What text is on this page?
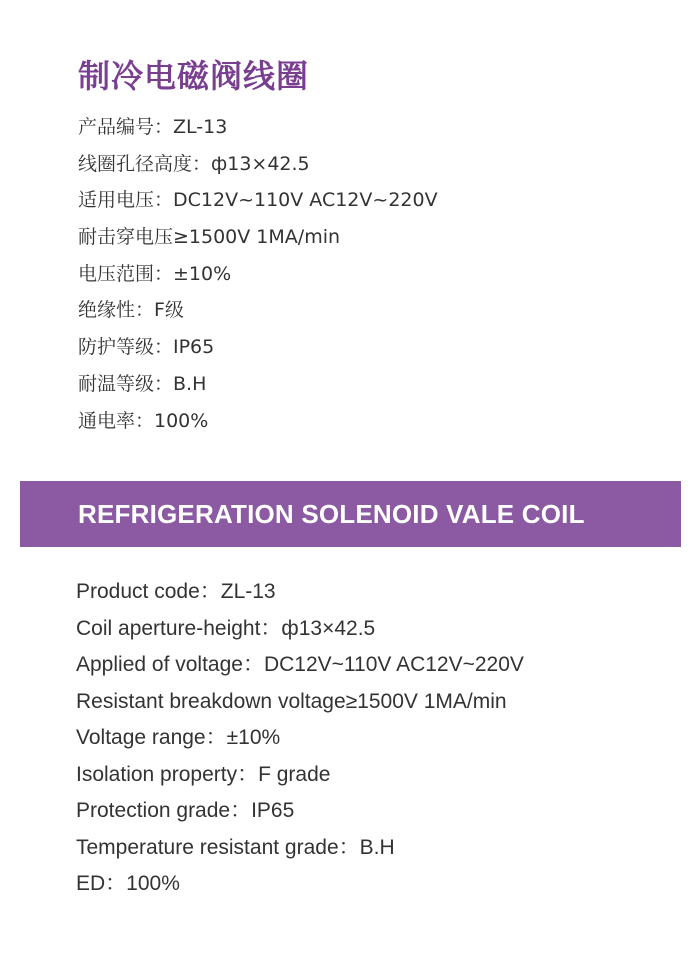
制冷电磁阀线圈
产品编号：ZL-13
线圈孔径高度：ф13×42.5
适用电压：DC12V~110V AC12V~220V
耐击穿电压≥1500V 1MA/min
电压范围：±10%
绝缘性：F级
防护等级：IP65
耐温等级：B.H
通电率：100%
REFRIGERATION SOLENOID VALE COIL
Product code：ZL-13
Coil aperture-height：ф13×42.5
Applied of voltage：DC12V~110V AC12V~220V
Resistant breakdown voltage≥1500V 1MA/min
Voltage range：±10%
Isolation property：F grade
Protection grade：IP65
Temperature resistant grade：B.H
ED：100%
